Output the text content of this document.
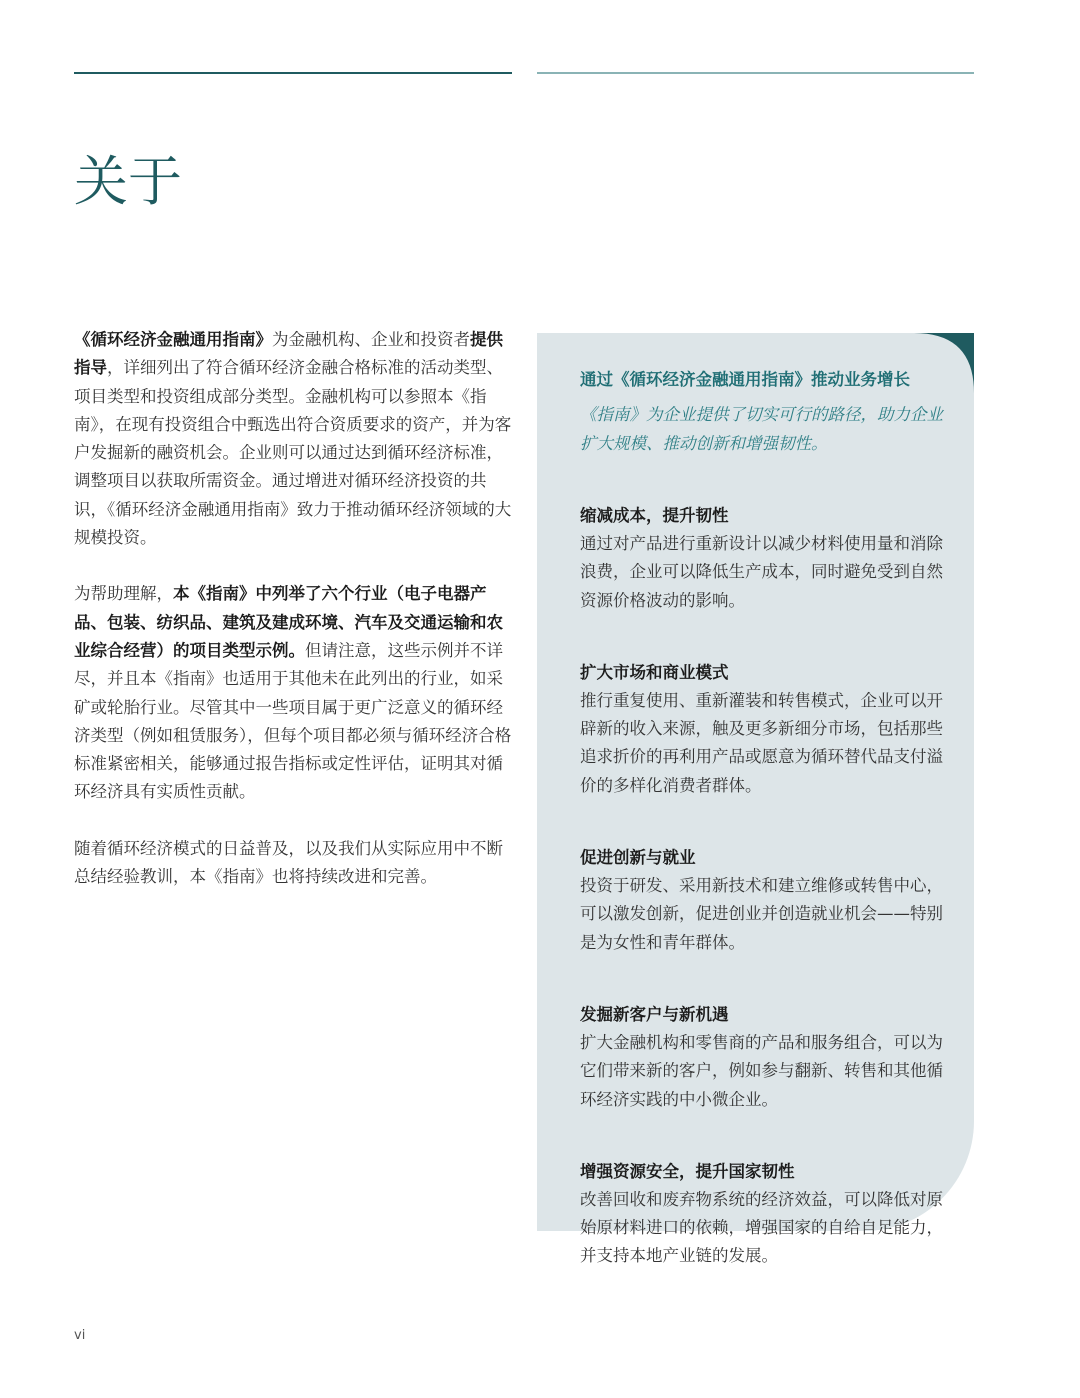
关于

《循环经济金融通用指南》为金融机构、企业和投资者提供指导，详细列出了符合循环经济金融合格标准的活动类型、项目类型和投资组成部分类型。金融机构可以参照本《指南》，在现有投资组合中甄选出符合资质要求的资产，并为客户发掘新的融资机会。企业则可以通过达到循环经济标准，调整项目以获取所需资金。通过增进对循环经济投资的共识，《循环经济金融通用指南》致力于推动循环经济领域的大规模投资。

为帮助理解，本《指南》中列举了六个行业（电子电器产品、包装、纺织品、建筑及建成环境、汽车及交通运输和农业综合经营）的项目类型示例。但请注意，这些示例并不详尽，并且本《指南》也适用于其他未在此列出的行业，如采矿或轮胎行业。尽管其中一些项目属于更广泛意义的循环经济类型（例如租赁服务），但每个项目都必须与循环经济合格标准紧密相关，能够通过报告指标或定性评估，证明其对循环经济具有实质性贡献。

随着循环经济模式的日益普及，以及我们从实际应用中不断总结经验教训，本《指南》也将持续改进和完善。

通过《循环经济金融通用指南》推动业务增长

《指南》为企业提供了切实可行的路径，助力企业扩大规模、推动创新和增强韧性。

缩减成本，提升韧性

通过对产品进行重新设计以减少材料使用量和消除浪费，企业可以降低生产成本，同时避免受到自然资源价格波动的影响。

扩大市场和商业模式

推行重复使用、重新灌装和转售模式，企业可以开辟新的收入来源，触及更多新细分市场，包括那些追求折价的再利用产品或愿意为循环替代品支付溢价的多样化消费者群体。

促进创新与就业

投资于研发、采用新技术和建立维修或转售中心，可以激发创新，促进创业并创造就业机会——特别是为女性和青年群体。

发掘新客户与新机遇

扩大金融机构和零售商的产品和服务组合，可以为它们带来新的客户，例如参与翻新、转售和其他循环经济实践的中小微企业。

增强资源安全，提升国家韧性

改善回收和废弃物系统的经济效益，可以降低对原始原材料进口的依赖，增强国家的自给自足能力，并支持本地产业链的发展。

vi
